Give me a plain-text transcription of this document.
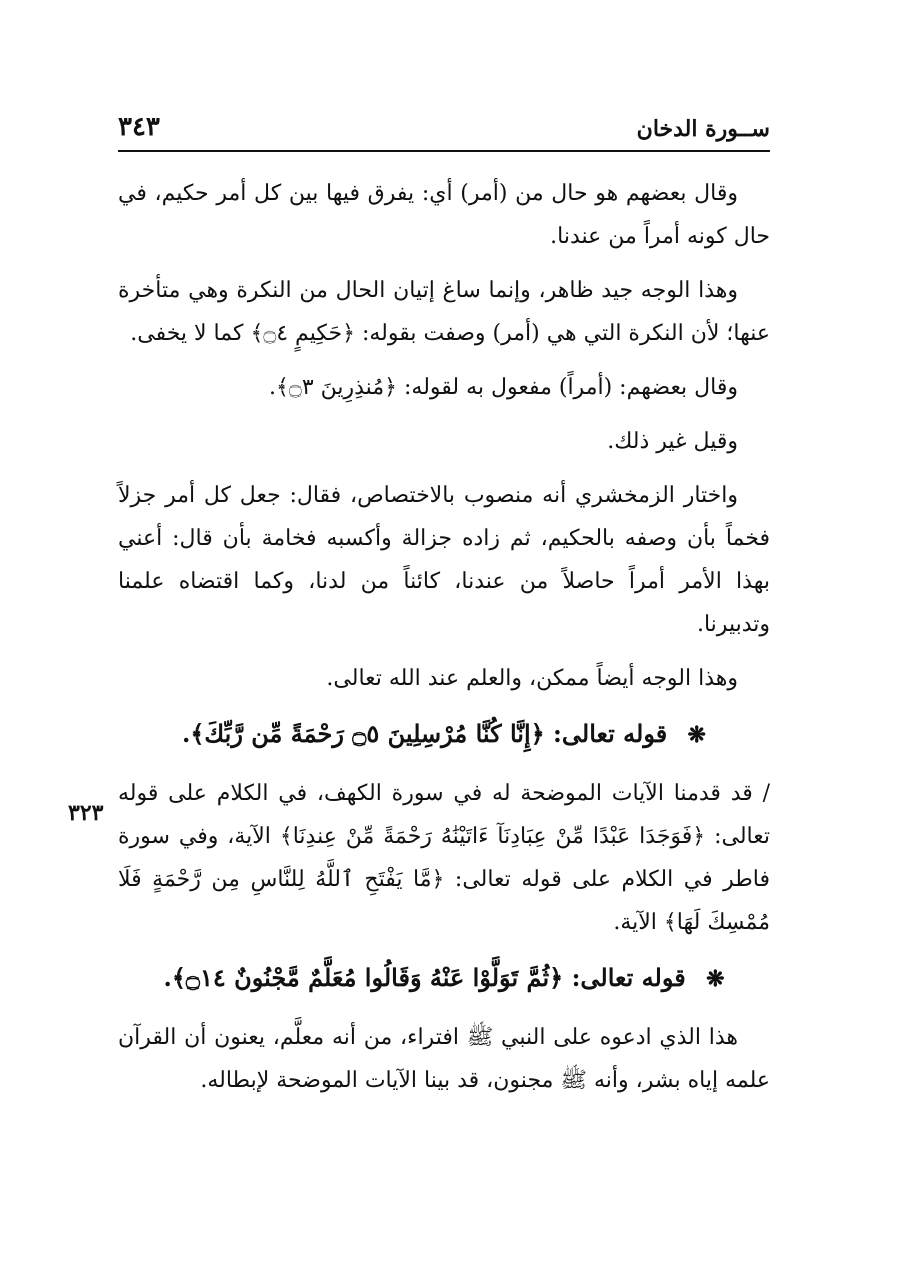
ســورة الدخان
٣٤٣
٣٢٣

وقال بعضهم هو حال من (أمر) أي: يفرق فيها بين كل أمر حكيم، في حال كونه أمراً من عندنا.

وهذا الوجه جيد ظاهر، وإنما ساغ إتيان الحال من النكرة وهي متأخرة عنها؛ لأن النكرة التي هي (أمر) وصفت بقوله: ﴿حَكِيمٍ ۝٤﴾ كما لا يخفى.

وقال بعضهم: (أمراً) مفعول به لقوله: ﴿مُنذِرِينَ ۝٣﴾.

وقيل غير ذلك.

واختار الزمخشري أنه منصوب بالاختصاص، فقال: جعل كل أمر جزلاً فخماً بأن وصفه بالحكيم، ثم زاده جزالة وأكسبه فخامة بأن قال: أعني بهذا الأمر أمراً حاصلاً من عندنا، كائناً من لدنا، وكما اقتضاه علمنا وتدبيرنا.

وهذا الوجه أيضاً ممكن، والعلم عند الله تعالى.

❋ قوله تعالى: ﴿إِنَّا كُنَّا مُرْسِلِينَ ۝٥ رَحْمَةً مِّن رَّبِّكَ﴾.

/ قد قدمنا الآيات الموضحة له في سورة الكهف، في الكلام على قوله تعالى: ﴿فَوَجَدَا عَبْدًا مِّنْ عِبَادِنَآ ءَاتَيْنَٰهُ رَحْمَةً مِّنْ عِندِنَا﴾ الآية، وفي سورة فاطر في الكلام على قوله تعالى: ﴿مَّا يَفْتَحِ ٱللَّهُ لِلنَّاسِ مِن رَّحْمَةٍ فَلَا مُمْسِكَ لَهَا﴾ الآية.

❋ قوله تعالى: ﴿ثُمَّ تَوَلَّوْا عَنْهُ وَقَالُوا مُعَلَّمٌ مَّجْنُونٌ ۝١٤﴾.

هذا الذي ادعوه على النبي ﷺ افتراء، من أنه معلَّم، يعنون أن القرآن علمه إياه بشر، وأنه ﷺ مجنون، قد بينا الآيات الموضحة لإبطاله.
